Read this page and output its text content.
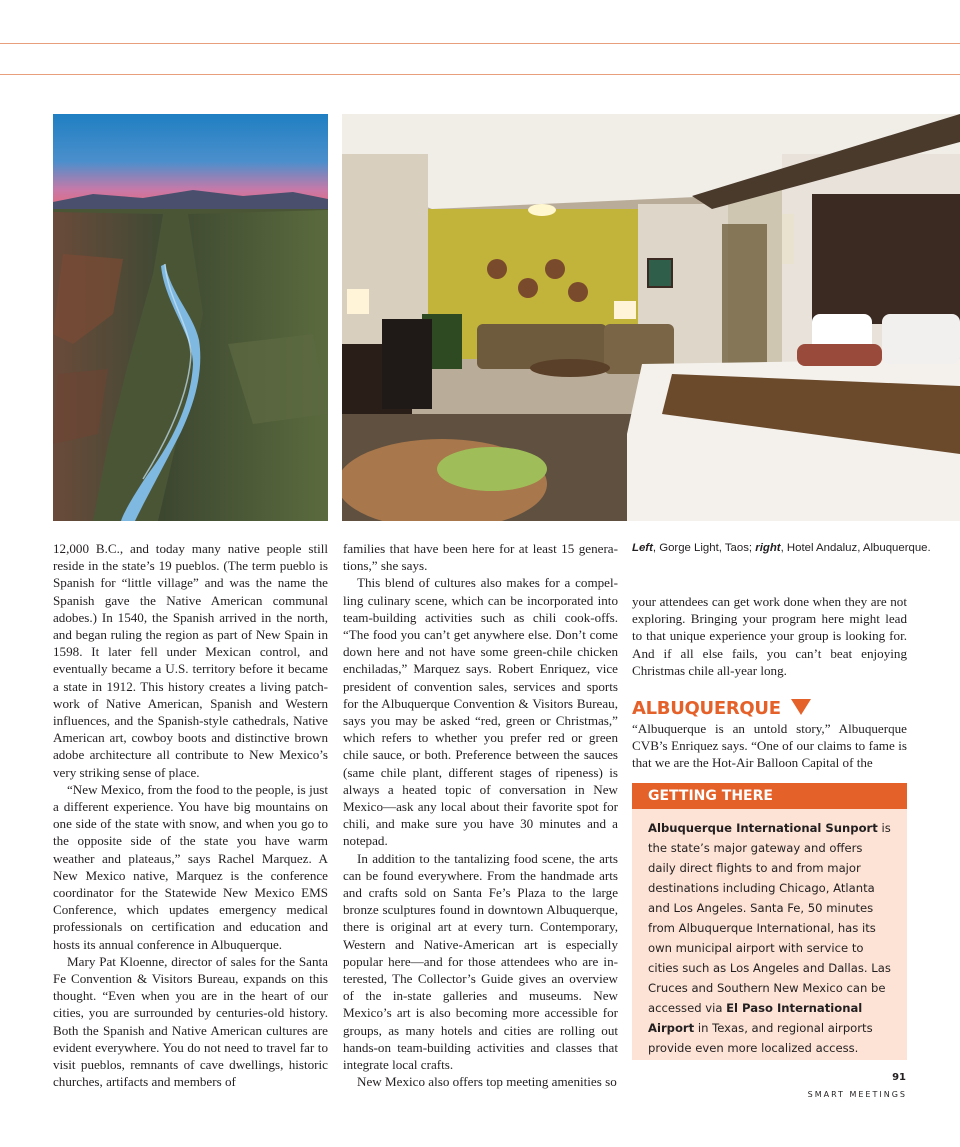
12,000 B.C., and today many native people still reside in the state’s 19 pueblos. (The term pueblo is Spanish for “little village” and was the name the Spanish gave the Native American communal adobes.) In 1540, the Spanish arrived in the north, and began ruling the region as part of New Spain in 1598. It later fell under Mexican control, and eventually became a U.S. territory before it became a state in 1912. This history creates a living patchwork of Native American, Spanish and Western influences, and the Spanish-style cathedrals, Native American art, cowboy boots and distinctive brown adobe architecture all contribute to New Mexico’s very striking sense of place.

“New Mexico, from the food to the people, is just a different experience. You have big mountains on one side of the state with snow, and when you go to the opposite side of the state you have warm weather and plateaus,” says Rachel Marquez. A New Mexico native, Marquez is the conference coordinator for the Statewide New Mexico EMS Conference, which updates emergency medical professionals on certification and education and hosts its annual conference in Albuquerque.

Mary Pat Kloenne, director of sales for the Santa Fe Convention & Visitors Bureau, expands on this thought. “Even when you are in the heart of our cities, you are surrounded by centuries-old history. Both the Spanish and Native American cultures are evident everywhere. You do not need to travel far to visit pueblos, remnants of cave dwellings, historic churches, artifacts and members of

families that have been here for at least 15 generations,” she says.

This blend of cultures also makes for a compelling culinary scene, which can be incorporated into team-building activities such as chili cook-offs. “The food you can’t get anywhere else. Don’t come down here and not have some green-chile chicken enchiladas,” Marquez says. Robert Enriquez, vice president of convention sales, services and sports for the Albuquerque Convention & Visitors Bureau, says you may be asked “red, green or Christmas,” which refers to whether you prefer red or green chile sauce, or both. Preference between the sauces (same chile plant, different stages of ripeness) is always a heated topic of conversation in New Mexico—ask any local about their favorite spot for chili, and make sure you have 30 minutes and a notepad.

In addition to the tantalizing food scene, the arts can be found everywhere. From the handmade arts and crafts sold on Santa Fe’s Plaza to the large bronze sculptures found in downtown Albuquerque, there is original art at every turn. Contemporary, Western and Native-American art is especially popular here—and for those attendees who are interested, The Collector’s Guide gives an overview of the in-state galleries and museums. New Mexico’s art is also becoming more accessible for groups, as many hotels and cities are rolling out hands-on team-building activities and classes that integrate local crafts.

New Mexico also offers top meeting amenities so

Left, Gorge Light, Taos; right, Hotel Andaluz, Albuquerque.

your attendees can get work done when they are not exploring. Bringing your program here might lead to that unique experience your group is looking for. And if all else fails, you can’t beat enjoying Christmas chile all-year long.

ALBUQUERQUE

“Albuquerque is an untold story,” Albuquerque CVB’s Enriquez says. “One of our claims to fame is that we are the Hot-Air Balloon Capital of the

GETTING THERE
Albuquerque International Sunport is the state’s major gateway and offers daily direct flights to and from major destinations including Chicago, Atlanta and Los Angeles. Santa Fe, 50 minutes from Albuquerque International, has its own municipal airport with service to cities such as Los Angeles and Dallas. Las Cruces and Southern New Mexico can be accessed via El Paso International Airport in Texas, and regional airports provide even more localized access.
91
SMART MEETINGS
